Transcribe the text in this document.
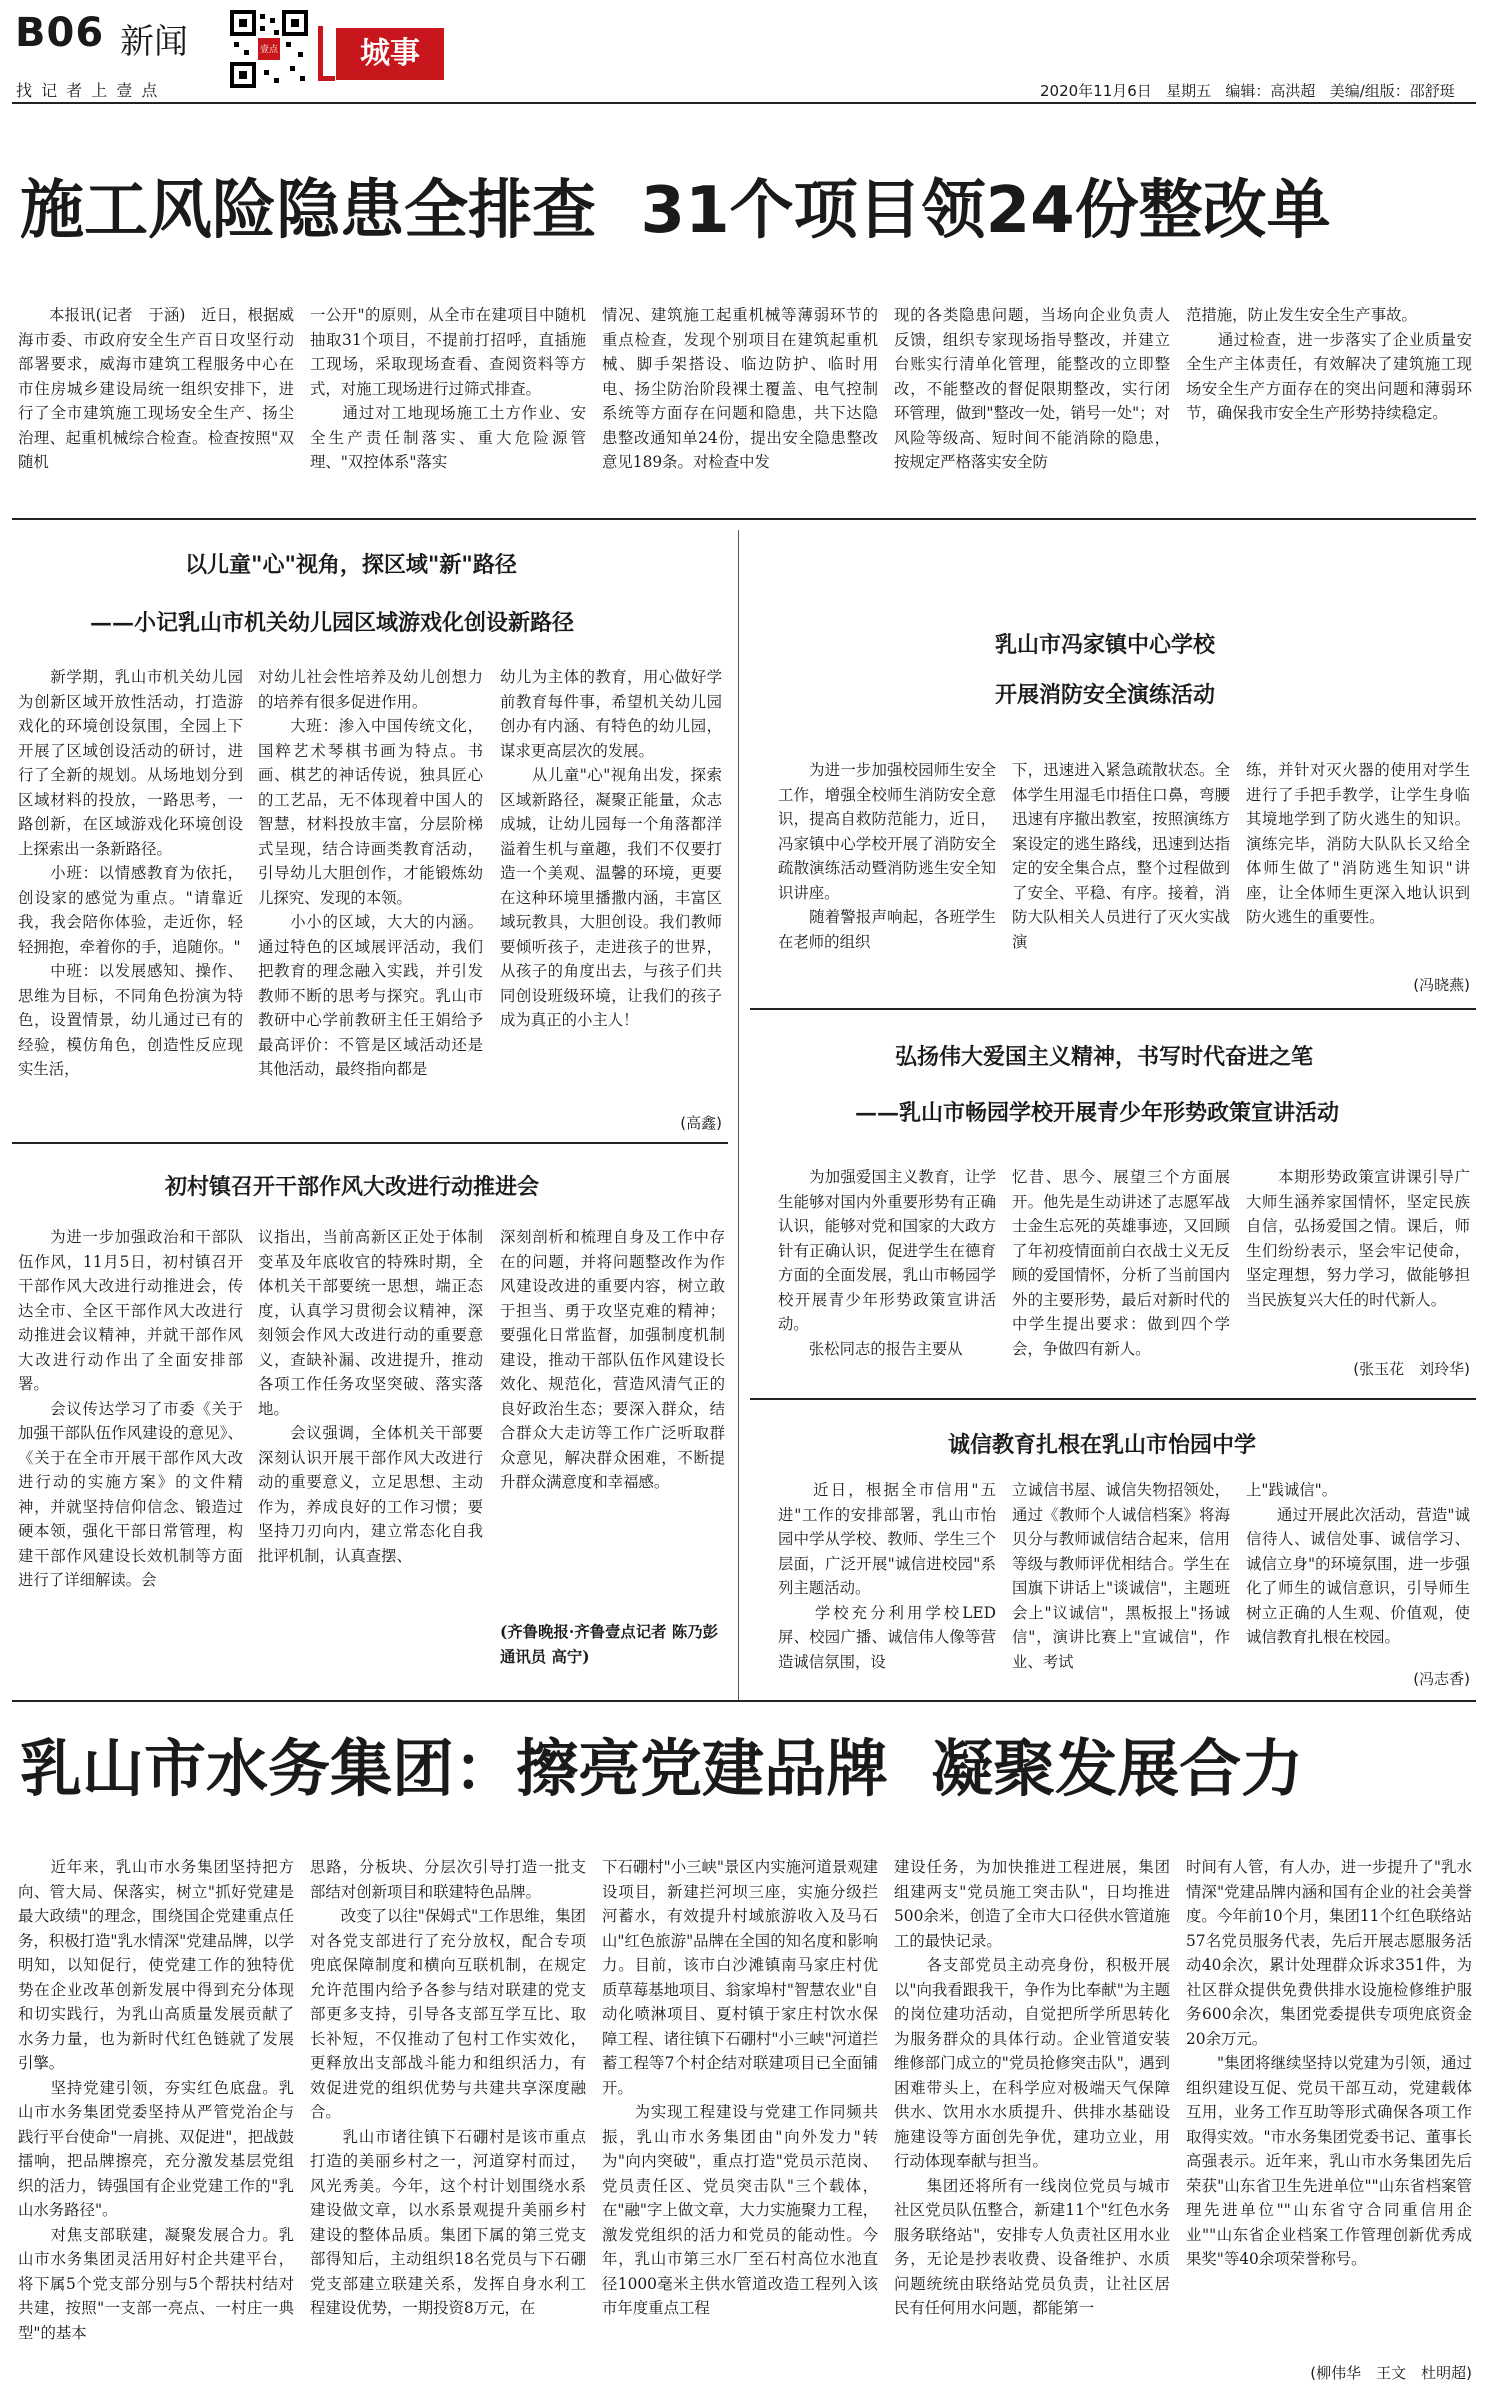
B06 新闻
找 记 者 上 壹 点
壹点	城事
2020年11月6日   星期五   编辑：高洪超   美编/组版：邵舒珽
施工风险隐患全排查  31个项目领24份整改单
　　本报讯(记者　于涵)　近日，根据威海市委、市政府安全生产百日攻坚行动部署要求，威海市建筑工程服务中心在市住房城乡建设局统一组织安排下，进行了全市建筑施工现场安全生产、扬尘治理、起重机械综合检查。检查按照"双随机
一公开"的原则，从全市在建项目中随机抽取31个项目，不提前打招呼，直插施工现场，采取现场查看、查阅资料等方式，对施工现场进行过筛式排查。
　　通过对工地现场施工土方作业、安全生产责任制落实、重大危险源管理、"双控体系"落实
情况、建筑施工起重机械等薄弱环节的重点检查，发现个别项目在建筑起重机械、脚手架搭设、临边防护、临时用电、扬尘防治阶段裸土覆盖、电气控制系统等方面存在问题和隐患，共下达隐患整改通知单24份，提出安全隐患整改意见189条。对检查中发
现的各类隐患问题，当场向企业负责人反馈，组织专家现场指导整改，并建立台账实行清单化管理，能整改的立即整改，不能整改的督促限期整改，实行闭环管理，做到"整改一处，销号一处"；对风险等级高、短时间不能消除的隐患，按规定严格落实安全防
范措施，防止发生安全生产事故。
　　通过检查，进一步落实了企业质量安全生产主体责任，有效解决了建筑施工现场安全生产方面存在的突出问题和薄弱环节，确保我市安全生产形势持续稳定。
以儿童"心"视角，探区域"新"路径
——小记乳山市机关幼儿园区域游戏化创设新路径
　　新学期，乳山市机关幼儿园为创新区域开放性活动，打造游戏化的环境创设氛围，全园上下开展了区域创设活动的研讨，进行了全新的规划。从场地划分到区域材料的投放，一路思考，一路创新，在区域游戏化环境创设上探索出一条新路径。
　　小班：以情感教育为依托，创设家的感觉为重点。"请靠近我，我会陪你体验，走近你，轻轻拥抱，牵着你的手，追随你。"
　　中班：以发展感知、操作、思维为目标，不同角色扮演为特色，设置情景，幼儿通过已有的经验，模仿角色，创造性反应现实生活，
对幼儿社会性培养及幼儿创想力的培养有很多促进作用。
　　大班：渗入中国传统文化，国粹艺术琴棋书画为特点。书画、棋艺的神话传说，独具匠心的工艺品，无不体现着中国人的智慧，材料投放丰富，分层阶梯式呈现，结合诗画类教育活动，引导幼儿大胆创作，才能锻炼幼儿探究、发现的本领。
　　小小的区域，大大的内涵。通过特色的区域展评活动，我们把教育的理念融入实践，并引发教师不断的思考与探究。乳山市教研中心学前教研主任王娟给予最高评价：不管是区域活动还是其他活动，最终指向都是
幼儿为主体的教育，用心做好学前教育每件事，希望机关幼儿园创办有内涵、有特色的幼儿园，谋求更高层次的发展。
　　从儿童"心"视角出发，探索区域新路径，凝聚正能量，众志成城，让幼儿园每一个角落都洋溢着生机与童趣，我们不仅要打造一个美观、温馨的环境，更要在这种环境里播撒内涵，丰富区域玩教具，大胆创设。我们教师要倾听孩子，走进孩子的世界，从孩子的角度出去，与孩子们共同创设班级环境，让我们的孩子成为真正的小主人！
(高鑫)
乳山市冯家镇中心学校
开展消防安全演练活动
　　为进一步加强校园师生安全工作，增强全校师生消防安全意识，提高自救防范能力，近日，冯家镇中心学校开展了消防安全疏散演练活动暨消防逃生安全知识讲座。
　　随着警报声响起，各班学生在老师的组织
下，迅速进入紧急疏散状态。全体学生用湿毛巾捂住口鼻，弯腰迅速有序撤出教室，按照演练方案设定的逃生路线，迅速到达指定的安全集合点，整个过程做到了安全、平稳、有序。接着，消防大队相关人员进行了灭火实战演
练，并针对灭火器的使用对学生进行了手把手教学，让学生身临其境地学到了防火逃生的知识。演练完毕，消防大队队长又给全体师生做了"消防逃生知识"讲座，让全体师生更深入地认识到防火逃生的重要性。
(冯晓燕)
弘扬伟大爱国主义精神，书写时代奋进之笔
——乳山市畅园学校开展青少年形势政策宣讲活动
　　为加强爱国主义教育，让学生能够对国内外重要形势有正确认识，能够对党和国家的大政方针有正确认识，促进学生在德育方面的全面发展，乳山市畅园学校开展青少年形势政策宣讲活动。
　　张松同志的报告主要从
忆昔、思今、展望三个方面展开。他先是生动讲述了志愿军战士金生忘死的英雄事迹，又回顾了年初疫情面前白衣战士义无反顾的爱国情怀，分析了当前国内外的主要形势，最后对新时代的中学生提出要求：做到四个学会，争做四有新人。
　　本期形势政策宣讲课引导广大师生涵养家国情怀，坚定民族自信，弘扬爱国之情。课后，师生们纷纷表示，坚会牢记使命，坚定理想，努力学习，做能够担当民族复兴大任的时代新人。
(张玉花　刘玲华)
初村镇召开干部作风大改进行动推进会
　　为进一步加强政治和干部队伍作风，11月5日，初村镇召开干部作风大改进行动推进会，传达全市、全区干部作风大改进行动推进会议精神，并就干部作风大改进行动作出了全面安排部署。
　　会议传达学习了市委《关于加强干部队伍作风建设的意见》、《关于在全市开展干部作风大改进行动的实施方案》的文件精神，并就坚持信仰信念、锻造过硬本领，强化干部日常管理，构建干部作风建设长效机制等方面进行了详细解读。会
议指出，当前高新区正处于体制变革及年底收官的特殊时期，全体机关干部要统一思想，端正态度，认真学习贯彻会议精神，深刻领会作风大改进行动的重要意义，查缺补漏、改进提升，推动各项工作任务攻坚突破、落实落地。
　　会议强调，全体机关干部要深刻认识开展干部作风大改进行动的重要意义，立足思想、主动作为，养成良好的工作习惯；要坚持刀刃向内，建立常态化自我批评机制，认真查摆、
深刻剖析和梳理自身及工作中存在的问题，并将问题整改作为作风建设改进的重要内容，树立敢于担当、勇于攻坚克难的精神；要强化日常监督，加强制度机制建设，推动干部队伍作风建设长效化、规范化，营造风清气正的良好政治生态；要深入群众，结合群众大走访等工作广泛听取群众意见，解决群众困难，不断提升群众满意度和幸福感。
(齐鲁晚报·齐鲁壹点记者 陈乃彭 通讯员 高宁)
诚信教育扎根在乳山市怡园中学
　　近日，根据全市信用"五进"工作的安排部署，乳山市怡园中学从学校、教师、学生三个层面，广泛开展"诚信进校园"系列主题活动。
　　学校充分利用学校LED屏、校园广播、诚信伟人像等营造诚信氛围，设
立诚信书屋、诚信失物招领处，通过《教师个人诚信档案》将海贝分与教师诚信结合起来，信用等级与教师评优相结合。学生在国旗下讲话上"谈诚信"，主题班会上"议诚信"，黑板报上"扬诚信"，演讲比赛上"宣诚信"，作业、考试
上"践诚信"。
　　通过开展此次活动，营造"诚信待人、诚信处事、诚信学习、诚信立身"的环境氛围，进一步强化了师生的诚信意识，引导师生树立正确的人生观、价值观，使诚信教育扎根在校园。
(冯志香)
乳山市水务集团：擦亮党建品牌  凝聚发展合力
　　近年来，乳山市水务集团坚持把方向、管大局、保落实，树立"抓好党建是最大政绩"的理念，围绕国企党建重点任务，积极打造"乳水情深"党建品牌，以学明知，以知促行，使党建工作的独特优势在企业改革创新发展中得到充分体现和切实践行，为乳山高质量发展贡献了水务力量，也为新时代红色链就了发展引擎。
　　坚持党建引领，夯实红色底盘。乳山市水务集团党委坚持从严管党治企与践行平台使命"一肩挑、双促进"，把战鼓擂响，把品牌擦亮，充分激发基层党组织的活力，铸强国有企业党建工作的"乳山水务路径"。
　　对焦支部联建，凝聚发展合力。乳山市水务集团灵活用好村企共建平台，将下属5个党支部分别与5个帮扶村结对共建，按照"一支部一亮点、一村庄一典型"的基本
思路，分板块、分层次引导打造一批支部结对创新项目和联建特色品牌。
　　改变了以往"保姆式"工作思维，集团对各党支部进行了充分放权，配合专项兜底保障制度和横向互联机制，在规定允许范围内给予各参与结对联建的党支部更多支持，引导各支部互学互比、取长补短，不仅推动了包村工作实效化，更释放出支部战斗能力和组织活力，有效促进党的组织优势与共建共享深度融合。
　　乳山市诸往镇下石硼村是该市重点打造的美丽乡村之一，河道穿村而过，风光秀美。今年，这个村计划围绕水系建设做文章，以水系景观提升美丽乡村建设的整体品质。集团下属的第三党支部得知后，主动组织18名党员与下石硼党支部建立联建关系，发挥自身水利工程建设优势，一期投资8万元，在
下石硼村"小三峡"景区内实施河道景观建设项目，新建拦河坝三座，实施分级拦河蓄水，有效提升村域旅游收入及马石山"红色旅游"品牌在全国的知名度和影响力。目前，该市白沙滩镇南马家庄村优质草莓基地项目、翁家埠村"智慧农业"自动化喷淋项目、夏村镇于家庄村饮水保障工程、诸往镇下石硼村"小三峡"河道拦蓄工程等7个村企结对联建项目已全面铺开。
　　为实现工程建设与党建工作同频共振，乳山市水务集团由"向外发力"转为"向内突破"，重点打造"党员示范岗、党员责任区、党员突击队"三个载体，在"融"字上做文章，大力实施聚力工程，激发党组织的活力和党员的能动性。今年，乳山市第三水厂至石村高位水池直径1000毫米主供水管道改造工程列入该市年度重点工程
建设任务，为加快推进工程进展，集团组建两支"党员施工突击队"，日均推进500余米，创造了全市大口径供水管道施工的最快记录。
　　各支部党员主动亮身份，积极开展以"向我看跟我干，争作为比奉献"为主题的岗位建功活动，自觉把所学所思转化为服务群众的具体行动。企业管道安装维修部门成立的"党员抢修突击队"，遇到困难带头上，在科学应对极端天气保障供水、饮用水水质提升、供排水基础设施建设等方面创先争优，建功立业，用行动体现奉献与担当。
　　集团还将所有一线岗位党员与城市社区党员队伍整合，新建11个"红色水务服务联络站"，安排专人负责社区用水业务，无论是抄表收费、设备维护、水质问题统统由联络站党员负责，让社区居民有任何用水问题，都能第一
时间有人管，有人办，进一步提升了"乳水情深"党建品牌内涵和国有企业的社会美誉度。今年前10个月，集团11个红色联络站57名党员服务代表，先后开展志愿服务活动40余次，累计处理群众诉求351件，为社区群众提供免费供排水设施检修维护服务600余次，集团党委提供专项兜底资金20余万元。
　　"集团将继续坚持以党建为引领，通过组织建设互促、党员干部互动，党建载体互用，业务工作互助等形式确保各项工作取得实效。"市水务集团党委书记、董事长高强表示。近年来，乳山市水务集团先后荣获"山东省卫生先进单位""山东省档案管理先进单位""山东省守合同重信用企业""山东省企业档案工作管理创新优秀成果奖"等40余项荣誉称号。
(柳伟华　王文　杜明超)
